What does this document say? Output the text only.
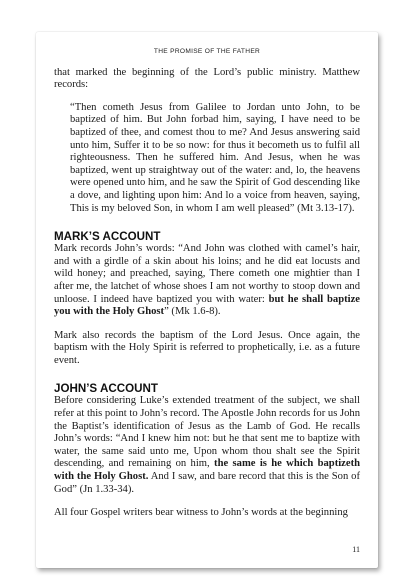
THE PROMISE OF THE FATHER

that marked the beginning of the Lord’s public ministry. Matthew records:

“Then cometh Jesus from Galilee to Jordan unto John, to be baptized of him. But John forbad him, saying, I have need to be baptized of thee, and comest thou to me? And Jesus answering said unto him, Suffer it to be so now: for thus it becometh us to fulfil all righteousness. Then he suffered him. And Jesus, when he was baptized, went up straightway out of the water: and, lo, the heavens were opened unto him, and he saw the Spirit of God descending like a dove, and lighting upon him: And lo a voice from heaven, saying, This is my beloved Son, in whom I am well pleased” (Mt 3.13-17).

MARK’S ACCOUNT

Mark records John’s words: “And John was clothed with camel’s hair, and with a girdle of a skin about his loins; and he did eat locusts and wild honey; and preached, saying, There cometh one mightier than I after me, the latchet of whose shoes I am not worthy to stoop down and unloose. I indeed have baptized you with water: but he shall baptize you with the Holy Ghost” (Mk 1.6-8).

Mark also records the baptism of the Lord Jesus. Once again, the baptism with the Holy Spirit is referred to prophetically, i.e. as a future event.

JOHN’S ACCOUNT

Before considering Luke’s extended treatment of the subject, we shall refer at this point to John’s record. The Apostle John records for us John the Baptist’s identification of Jesus as the Lamb of God. He recalls John’s words: “And I knew him not: but he that sent me to baptize with water, the same said unto me, Upon whom thou shalt see the Spirit descending, and remaining on him, the same is he which baptizeth with the Holy Ghost. And I saw, and bare record that this is the Son of God” (Jn 1.33-34).

All four Gospel writers bear witness to John’s words at the beginning

11
